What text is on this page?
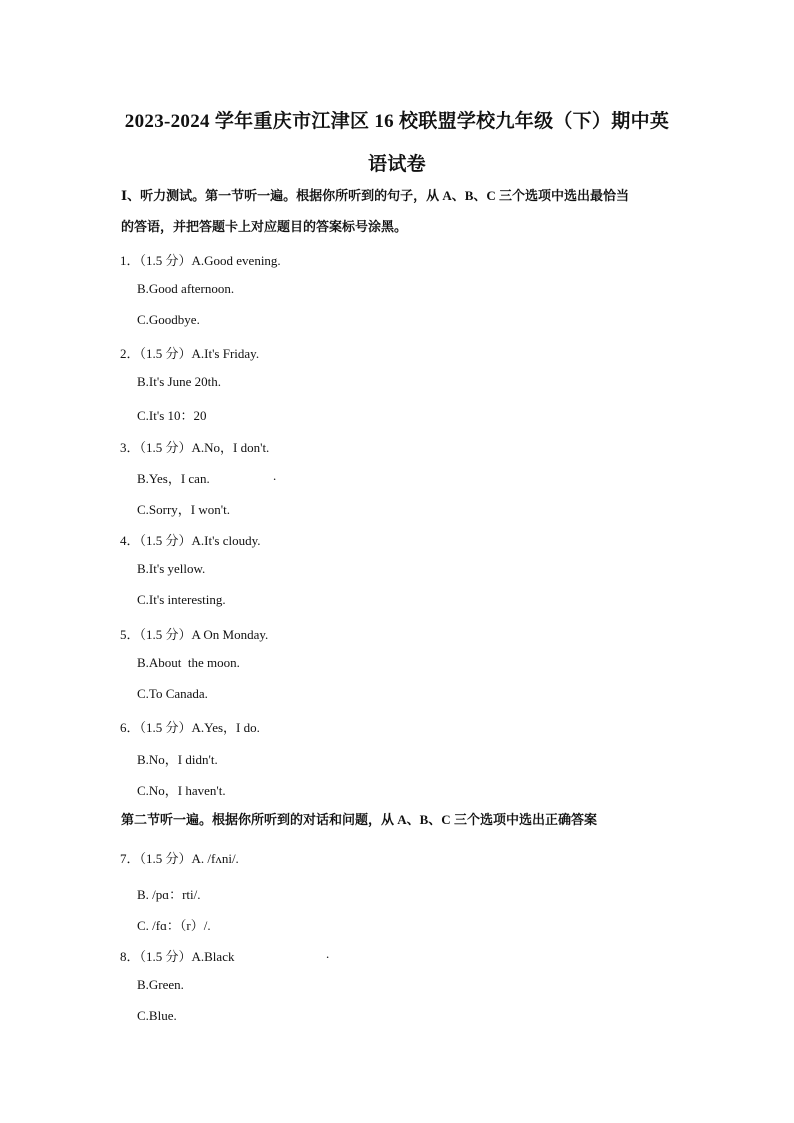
2023-2024 学年重庆市江津区 16 校联盟学校九年级（下）期中英
语试卷
Ⅰ、听力测试。第一节听一遍。根据你所听到的句子，从 A、B、C 三个选项中选出最恰当
的答语，并把答题卡上对应题目的答案标号涂黑。
1．（1.5 分）A.Good evening.
B.Good afternoon.
C.Goodbye.
2．（1.5 分）A.It's Friday.
B.It's June 20th.
C.It's 10：20
3．（1.5 分）A.No，I don't.
B.Yes，I can.	.
C.Sorry，I won't.
4．（1.5 分）A.It's cloudy.
B.It's yellow.
C.It's interesting.
5．（1.5 分）A On Monday.
B.About  the moon.
C.To Canada.
6．（1.5 分）A.Yes，I do.
B.No，I didn't.
C.No，I haven't.
第二节听一遍。根据你所听到的对话和问题，从 A、B、C 三个选项中选出正确答案
7．（1.5 分）A. /fʌni/.
B. /pɑ：rti/.
C. /fɑ：（r）/.
8．（1.5 分）A.Black	.
B.Green.
C.Blue.
